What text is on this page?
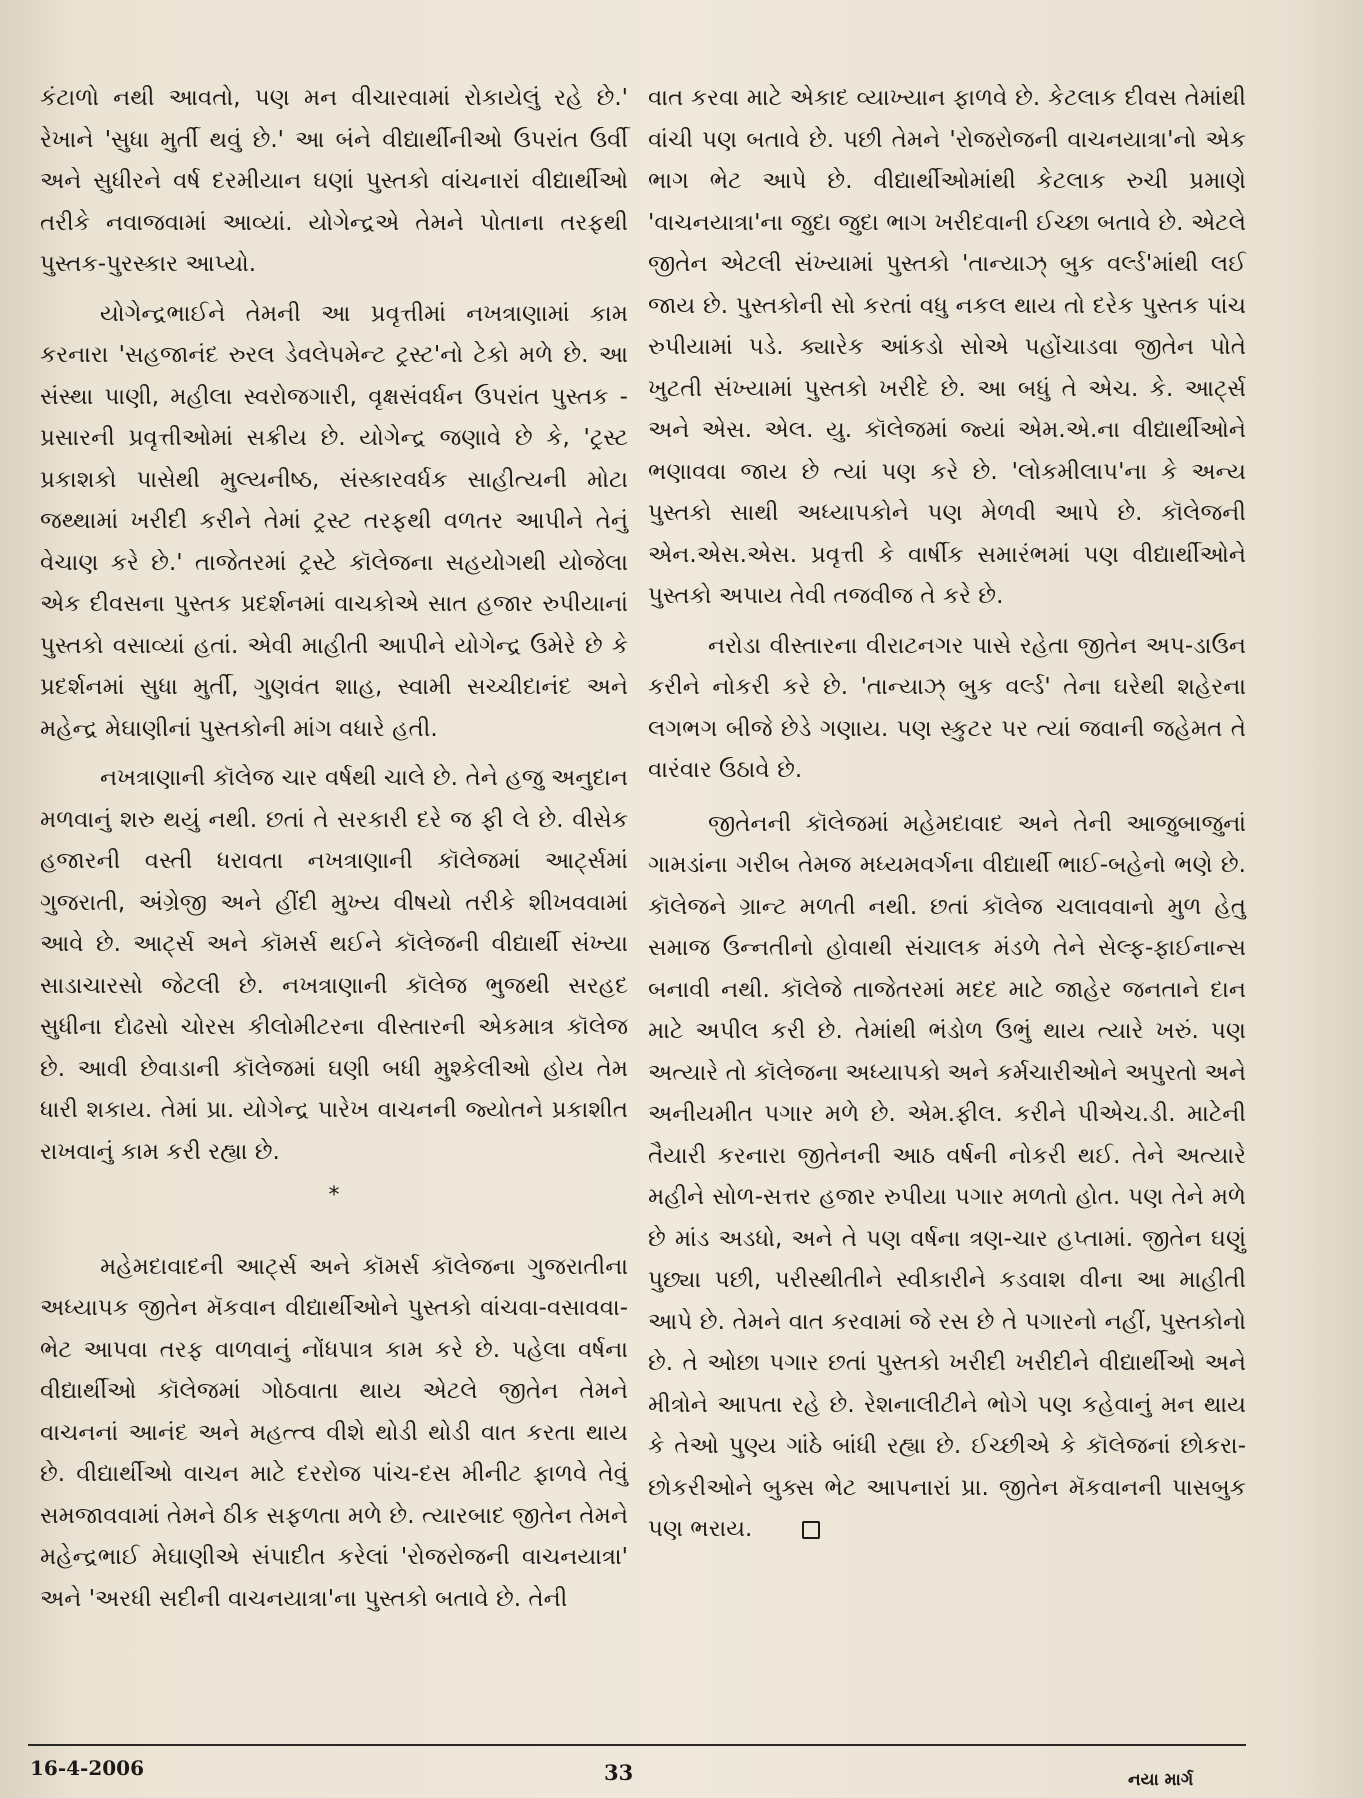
કંટાળો નથી આવતો, પણ મન વીચારવામાં રોકાયેલું રહે છે.' રેખાને 'સુધા મુર્તી થવું છે.' આ બંને વીદ્યાર્થીનીઓ ઉપરાંત ઉર્વી અને સુધીરને વર્ષ દરમીયાન ઘણાં પુસ્તકો વાંચનારાં વીદ્યાર્થીઓ તરીકે નવાજવામાં આવ્યાં. યોગેન્દ્રએ તેમને પોતાના તરફથી પુસ્તક-પુરસ્કાર આપ્યો.

યોગેન્દ્રભાઈને તેમની આ પ્રવૃત્તીમાં નખત્રાણામાં કામ કરનારા 'સહજાનંદ રુરલ ડેવલેપમેન્ટ ટ્રસ્ટ'નો ટેકો મળે છે. આ સંસ્થા પાણી, મહીલા સ્વરોજગારી, વૃક્ષસંવર્ધન ઉપરાંત પુસ્તક - પ્રસારની પ્રવૃત્તીઓમાં સક્રીય છે. યોગેન્દ્ર જણાવે છે કે, 'ટ્રસ્ટ પ્રકાશકો પાસેથી મુલ્યનીષ્ઠ, સંસ્કારવર્ધક સાહીત્યની મોટા જથ્થામાં ખરીદી કરીને તેમાં ટ્રસ્ટ તરફથી વળતર આપીને તેનું વેચાણ કરે છે.' તાજેતરમાં ટ્રસ્ટે કૉલેજના સહયોગથી યોજેલા એક દીવસના પુસ્તક પ્રદર્શનમાં વાચકોએ સાત હજાર રુપીયાનાં પુસ્તકો વસાવ્યાં હતાં. એવી માહીતી આપીને યોગેન્દ્ર ઉમેરે છે કે પ્રદર્શનમાં સુધા મુર્તી, ગુણવંત શાહ, સ્વામી સચ્ચીદાનંદ અને મહેન્દ્ર મેઘાણીનાં પુસ્તકોની માંગ વધારે હતી.

નખત્રાણાની કૉલેજ ચાર વર્ષથી ચાલે છે. તેને હજુ અનુદાન મળવાનું શરુ થયું નથી. છતાં તે સરકારી દરે જ ફી લે છે. વીસેક હજારની વસ્તી ધરાવતા નખત્રાણાની કૉલેજમાં આર્ટ્સમાં ગુજરાતી, અંગ્રેજી અને હીંદી મુખ્ય વીષયો તરીકે શીખવવામાં આવે છે. આર્ટ્સ અને કૉમર્સ થઈને કૉલેજની વીદ્યાર્થી સંખ્યા સાડાચારસો જેટલી છે. નખત્રાણાની કૉલેજ ભુજથી સરહદ સુધીના દોઢસો ચોરસ કીલોમીટરના વીસ્તારની એકમાત્ર કૉલેજ છે. આવી છેવાડાની કૉલેજમાં ઘણી બધી મુશ્કેલીઓ હોય તેમ ધારી શકાય. તેમાં પ્રા. યોગેન્દ્ર પારેખ વાચનની જ્યોતને પ્રકાશીત રાખવાનું કામ કરી રહ્યા છે.

*

મહેમદાવાદની આર્ટ્સ અને કૉમર્સ કૉલેજના ગુજરાતીના અધ્યાપક જીતેન મૅકવાન વીદ્યાર્થીઓને પુસ્તકો વાંચવા-વસાવવા-ભેટ આપવા તરફ વાળવાનું નોંધપાત્ર કામ કરે છે. પહેલા વર્ષના વીદ્યાર્થીઓ કૉલેજમાં ગોઠવાતા થાય એટલે જીતેન તેમને વાચનનાં આનંદ અને મહત્ત્વ વીશે થોડી થોડી વાત કરતા થાય છે. વીદ્યાર્થીઓ વાચન માટે દરરોજ પાંચ-દસ મીનીટ ફાળવે તેવું સમજાવવામાં તેમને ઠીક સફળતા મળે છે. ત્યારબાદ જીતેન તેમને મહેન્દ્રભાઈ મેઘાણીએ સંપાદીત કરેલાં 'રોજરોજની વાચનયાત્રા' અને 'અરધી સદીની વાચનયાત્રા'ના પુસ્તકો બતાવે છે. તેની

વાત કરવા માટે એકાદ વ્યાખ્યાન ફાળવે છે. કેટલાક દીવસ તેમાંથી વાંચી પણ બતાવે છે. પછી તેમને 'રોજરોજની વાચનયાત્રા'નો એક ભાગ ભેટ આપે છે. વીદ્યાર્થીઓમાંથી કેટલાક રુચી પ્રમાણે 'વાચનયાત્રા'ના જુદા જુદા ભાગ ખરીદવાની ઈચ્છા બતાવે છે. એટલે જીતેન એટલી સંખ્યામાં પુસ્તકો 'તાન્યાઝ્ બુક વર્લ્ડ'માંથી લઈ જાય છે. પુસ્તકોની સો કરતાં વધુ નકલ થાય તો દરેક પુસ્તક પાંચ રુપીયામાં પડે. ક્યારેક આંકડો સોએ પહોંચાડવા જીતેન પોતે ખુટતી સંખ્યામાં પુસ્તકો ખરીદે છે. આ બધું તે એચ. કે. આર્ટ્સ અને એસ. એલ. યુ. કૉલેજમાં જ્યાં એમ.એ.ના વીદ્યાર્થીઓને ભણાવવા જાય છે ત્યાં પણ કરે છે. 'લોકમીલાપ'ના કે અન્ય પુસ્તકો સાથી અધ્યાપકોને પણ મેળવી આપે છે. કૉલેજની એન.એસ.એસ. પ્રવૃત્તી કે વાર્ષીક સમારંભમાં પણ વીદ્યાર્થીઓને પુસ્તકો અપાય તેવી તજવીજ તે કરે છે.

નરોડા વીસ્તારના વીરાટનગર પાસે રહેતા જીતેન અપ-ડાઉન કરીને નોકરી કરે છે. 'તાન્યાઝ્ બુક વર્લ્ડ' તેના ઘરેથી શહેરના લગભગ બીજે છેડે ગણાય. પણ સ્કુટર પર ત્યાં જવાની જહેમત તે વારંવાર ઉઠાવે છે.

જીતેનની કૉલેજમાં મહેમદાવાદ અને તેની આજુબાજુનાં ગામડાંના ગરીબ તેમજ મધ્યમવર્ગના વીદ્યાર્થી ભાઈ-બહેનો ભણે છે. કૉલેજને ગ્રાન્ટ મળતી નથી. છતાં કૉલેજ ચલાવવાનો મુળ હેતુ સમાજ ઉન્નતીનો હોવાથી સંચાલક મંડળે તેને સેલ્ફ-ફાઈનાન્સ બનાવી નથી. કૉલેજે તાજેતરમાં મદદ માટે જાહેર જનતાને દાન માટે અપીલ કરી છે. તેમાંથી ભંડોળ ઉભું થાય ત્યારે ખરું. પણ અત્યારે તો કૉલેજના અધ્યાપકો અને કર્મચારીઓને અપુરતો અને અનીયમીત પગાર મળે છે. એમ.ફીલ. કરીને પીએચ.ડી. માટેની તૈયારી કરનારા જીતેનની આઠ વર્ષની નોકરી થઈ. તેને અત્યારે મહીને સોળ-સત્તર હજાર રુપીયા પગાર મળતો હોત. પણ તેને મળે છે માંડ અડધો, અને તે પણ વર્ષના ત્રણ-ચાર હપ્તામાં. જીતેન ઘણું પુછ્યા પછી, પરીસ્થીતીને સ્વીકારીને કડવાશ વીના આ માહીતી આપે છે. તેમને વાત કરવામાં જે રસ છે તે પગારનો નહીં, પુસ્તકોનો છે. તે ઓછા પગાર છતાં પુસ્તકો ખરીદી ખરીદીને વીદ્યાર્થીઓ અને મીત્રોને આપતા રહે છે. રેશનાલીટીને ભોગે પણ કહેવાનું મન થાય કે તેઓ પુણ્ય ગાંઠે બાંધી રહ્યા છે. ઈચ્છીએ કે કૉલેજનાં છોકરા-છોકરીઓને બુક્સ ભેટ આપનારાં પ્રા. જીતેન મૅકવાનની પાસબુક પણ ભરાય.

16-4-2006	33	નયા માર્ગ
